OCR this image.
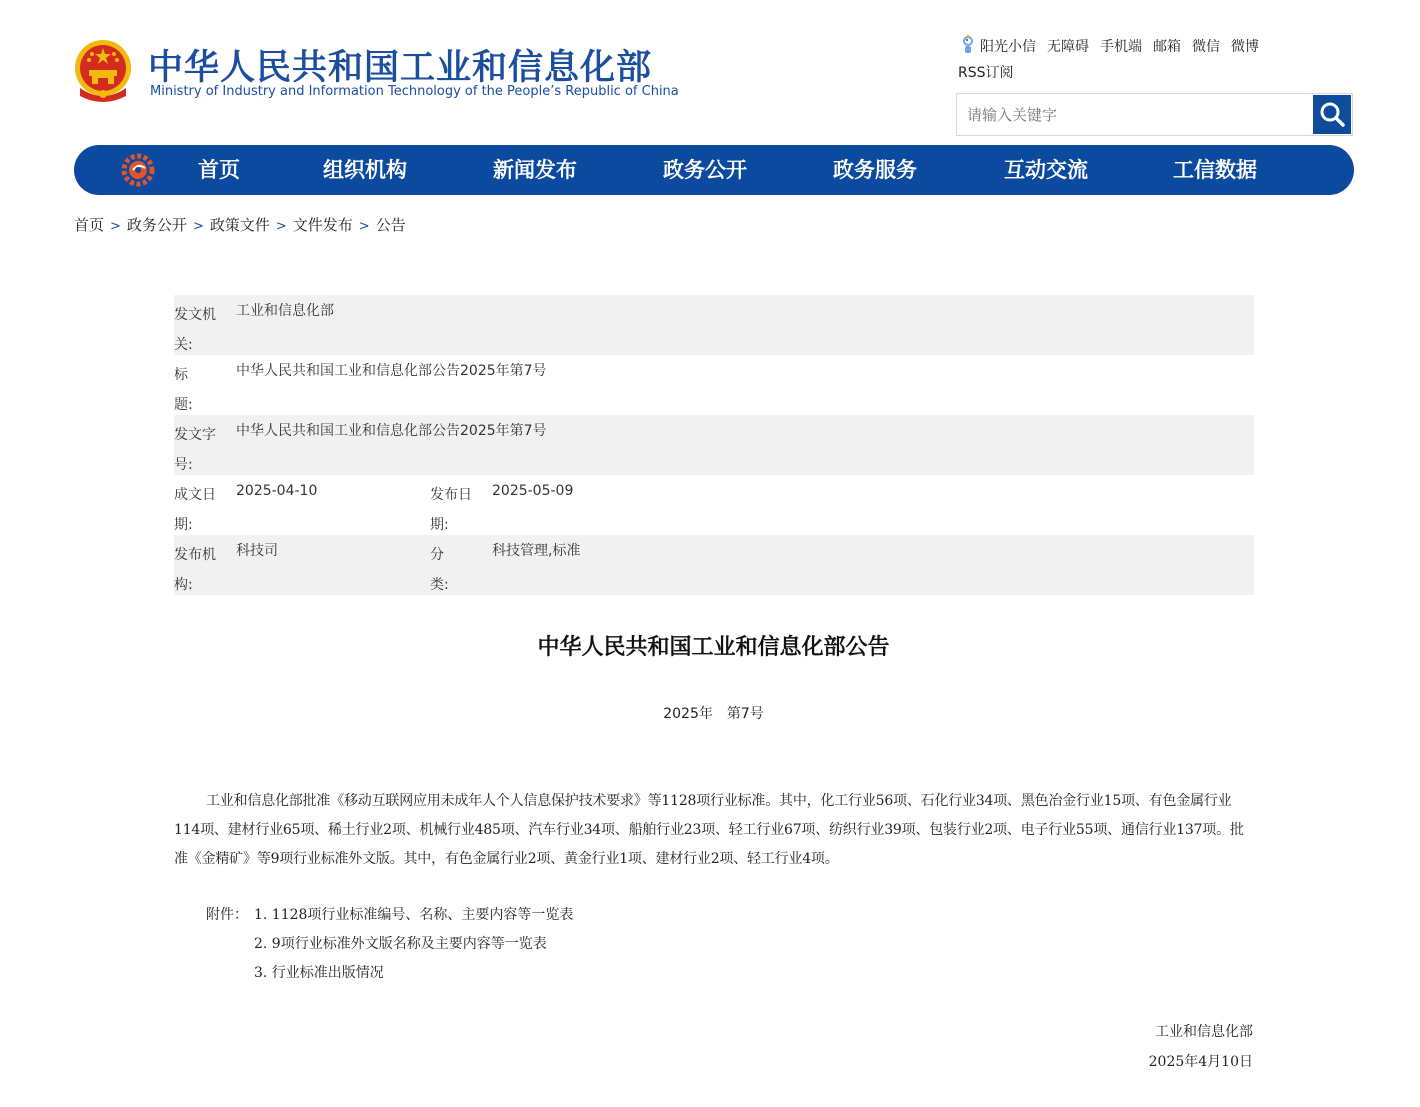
中华人民共和国工业和信息化部
Ministry of Industry and Information Technology of the People’s Republic of China
阳光小信 无障碍 手机端 邮箱 微信 微博
RSS订阅
请输入关键字
首页	组织机构	新闻发布	政务公开	政务服务	互动交流	工信数据
首页 > 政务公开 > 政策文件 > 文件发布 > 公告
发文机关:
工业和信息化部
标　　题:
中华人民共和国工业和信息化部公告2025年第7号
发文字号:
中华人民共和国工业和信息化部公告2025年第7号
成文日期:
2025-04-10	发布日期:
2025-05-09
发布机构:
科技司	分　　类:
科技管理,标准
中华人民共和国工业和信息化部公告
2025年　第7号
工业和信息化部批准《移动互联网应用未成年人个人信息保护技术要求》等1128项行业标准。其中，化工行业56项、石化行业34项、黑色冶金行业15项、有色金属行业114项、建材行业65项、稀土行业2项、机械行业485项、汽车行业34项、船舶行业23项、轻工行业67项、纺织行业39项、包装行业2项、电子行业55项、通信行业137项。批准《金精矿》等9项行业标准外文版。其中，有色金属行业2项、黄金行业1项、建材行业2项、轻工行业4项。
附件： 1. 1128项行业标准编号、名称、主要内容等一览表
2. 9项行业标准外文版名称及主要内容等一览表
3. 行业标准出版情况
工业和信息化部
2025年4月10日
